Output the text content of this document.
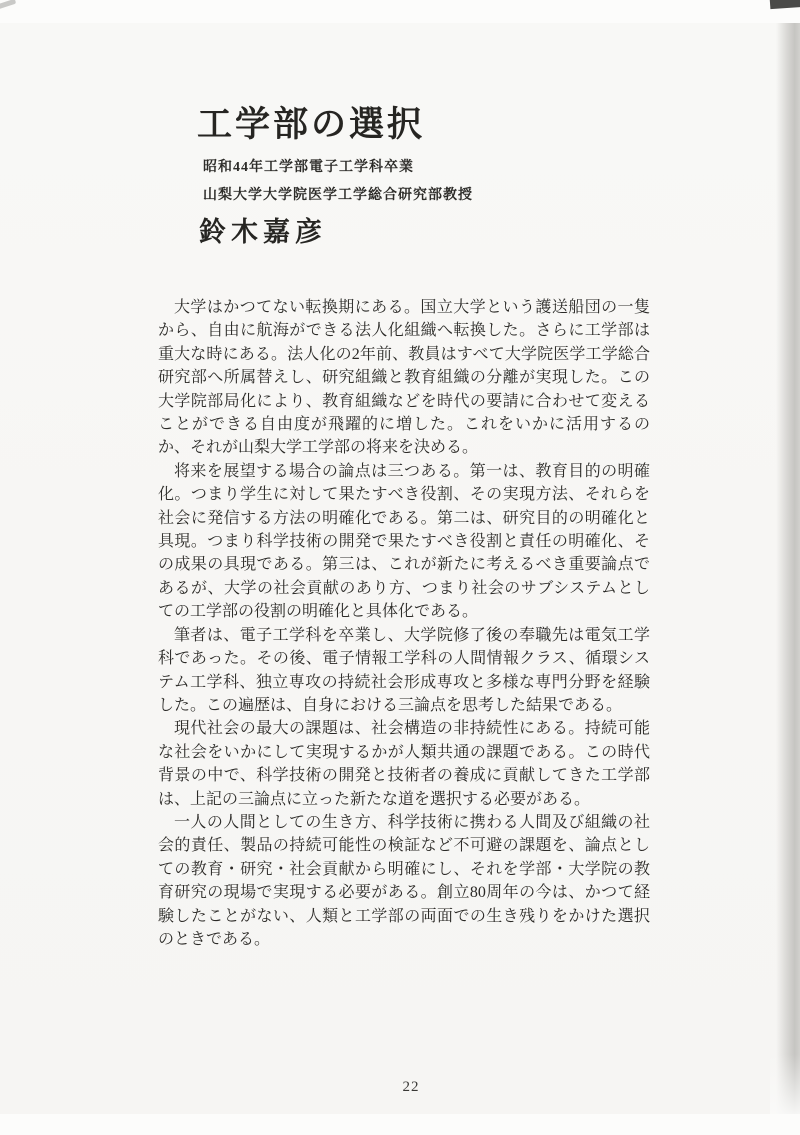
工学部の選択
昭和44年工学部電子工学科卒業
山梨大学大学院医学工学総合研究部教授
鈴木嘉彦

大学はかつてない転換期にある。国立大学という護送船団の一隻から、自由に航海ができる法人化組織へ転換した。さらに工学部は重大な時にある。法人化の2年前、教員はすべて大学院医学工学総合研究部へ所属替えし、研究組織と教育組織の分離が実現した。この大学院部局化により、教育組織などを時代の要請に合わせて変えることができる自由度が飛躍的に増した。これをいかに活用するのか、それが山梨大学工学部の将来を決める。

将来を展望する場合の論点は三つある。第一は、教育目的の明確化。つまり学生に対して果たすべき役割、その実現方法、それらを社会に発信する方法の明確化である。第二は、研究目的の明確化と具現。つまり科学技術の開発で果たすべき役割と責任の明確化、その成果の具現である。第三は、これが新たに考えるべき重要論点であるが、大学の社会貢献のあり方、つまり社会のサブシステムとしての工学部の役割の明確化と具体化である。

筆者は、電子工学科を卒業し、大学院修了後の奉職先は電気工学科であった。その後、電子情報工学科の人間情報クラス、循環システム工学科、独立専攻の持続社会形成専攻と多様な専門分野を経験した。この遍歴は、自身における三論点を思考した結果である。

現代社会の最大の課題は、社会構造の非持続性にある。持続可能な社会をいかにして実現するかが人類共通の課題である。この時代背景の中で、科学技術の開発と技術者の養成に貢献してきた工学部は、上記の三論点に立った新たな道を選択する必要がある。

一人の人間としての生き方、科学技術に携わる人間及び組織の社会的責任、製品の持続可能性の検証など不可避の課題を、論点としての教育・研究・社会貢献から明確にし、それを学部・大学院の教育研究の現場で実現する必要がある。創立80周年の今は、かつて経験したことがない、人類と工学部の両面での生き残りをかけた選択のときである。

22
